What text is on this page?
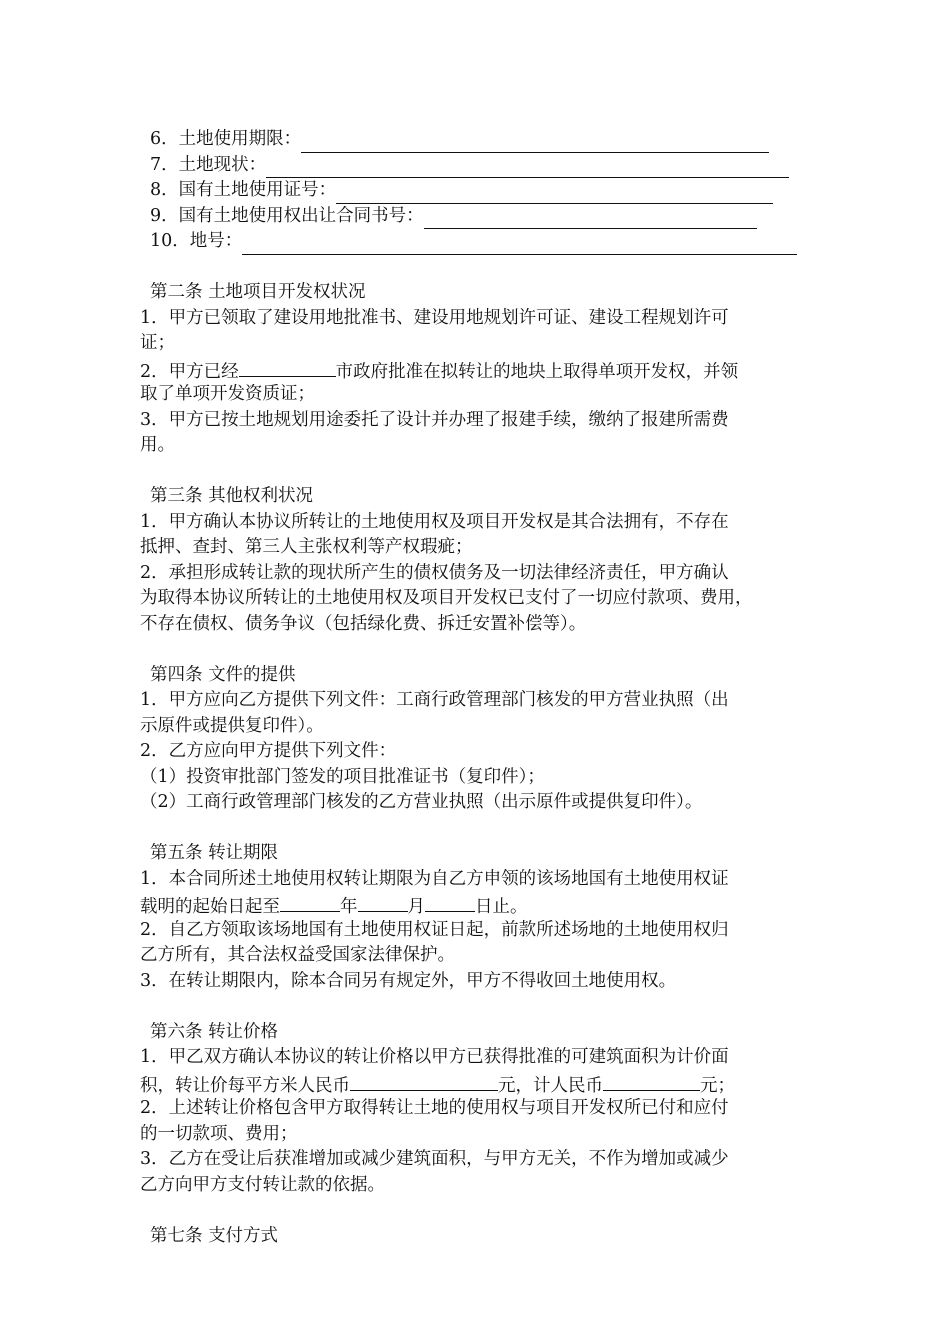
6． 土地使用期限：
7． 土地现状：
8． 国有土地使用证号：
9． 国有土地使用权出让合同书号：
10． 地号：
第二条 土地项目开发权状况
1．甲方已领取了建设用地批准书、建设用地规划许可证、建设工程规划许可
证；
2．甲方已经	市政府批准在拟转让的地块上取得单项开发权，并领
取了单项开发资质证；
3．甲方已按土地规划用途委托了设计并办理了报建手续，缴纳了报建所需费
用。
第三条 其他权利状况
1．甲方确认本协议所转让的土地使用权及项目开发权是其合法拥有，不存在
抵押、查封、第三人主张权利等产权瑕疵；
2．承担形成转让款的现状所产生的债权债务及一切法律经济责任，甲方确认
为取得本协议所转让的土地使用权及项目开发权已支付了一切应付款项、费用，
不存在债权、债务争议（包括绿化费、拆迁安置补偿等）。
第四条 文件的提供
1．甲方应向乙方提供下列文件：工商行政管理部门核发的甲方营业执照（出
示原件或提供复印件）。
2．乙方应向甲方提供下列文件：
（1）投资审批部门签发的项目批准证书（复印件）；
（2）工商行政管理部门核发的乙方营业执照（出示原件或提供复印件）。
第五条 转让期限
1．本合同所述土地使用权转让期限为自乙方申领的该场地国有土地使用权证
载明的起始日起至	年	月	日止。
2．自乙方领取该场地国有土地使用权证日起，前款所述场地的土地使用权归
乙方所有，其合法权益受国家法律保护。
3．在转让期限内，除本合同另有规定外，甲方不得收回土地使用权。
第六条 转让价格
1．甲乙双方确认本协议的转让价格以甲方已获得批准的可建筑面积为计价面
积，转让价每平方米人民币	元，计人民币	元；
2．上述转让价格包含甲方取得转让土地的使用权与项目开发权所已付和应付
的一切款项、费用；
3．乙方在受让后获准增加或减少建筑面积，与甲方无关，不作为增加或减少
乙方向甲方支付转让款的依据。
第七条 支付方式
